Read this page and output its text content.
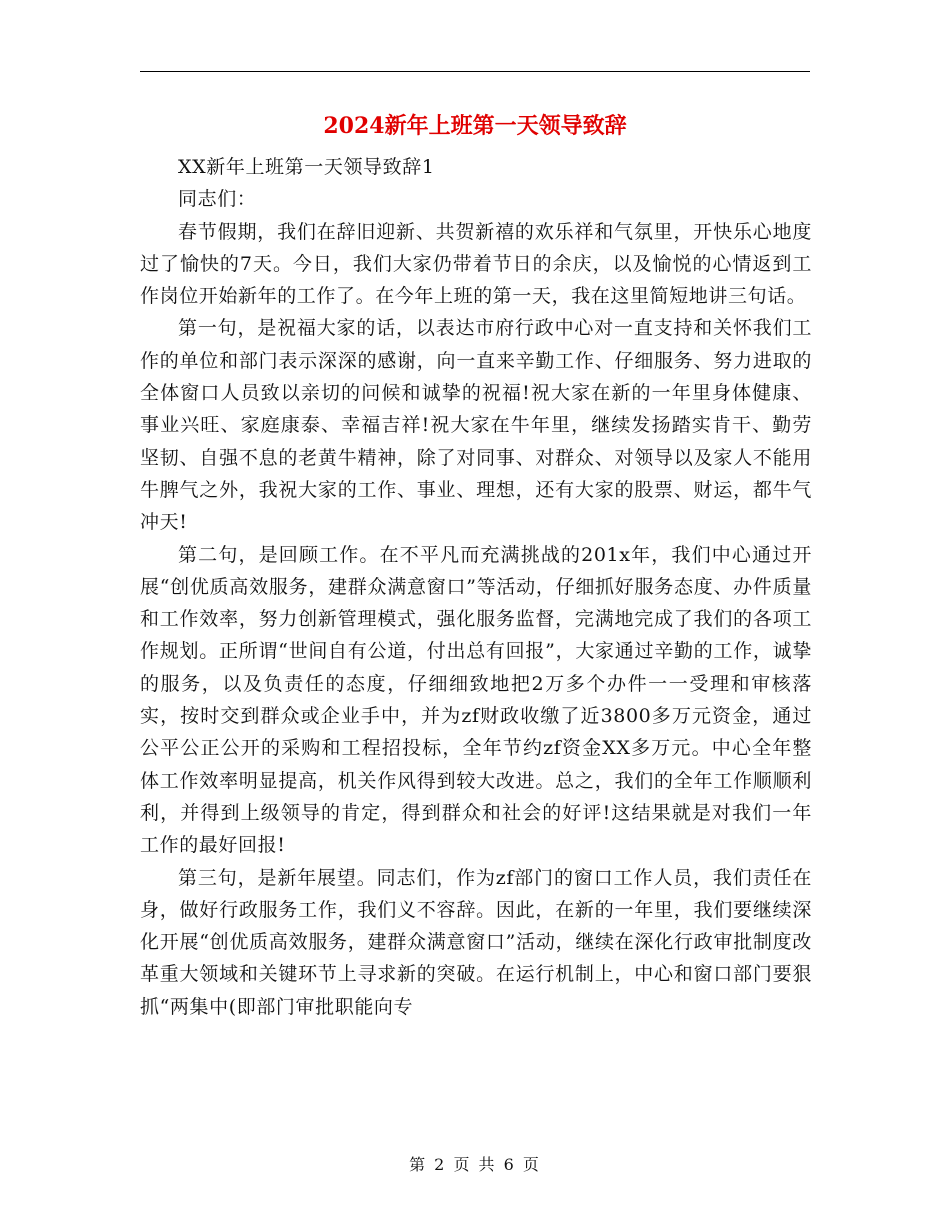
2024新年上班第一天领导致辞

XX新年上班第一天领导致辞1

同志们：

春节假期，我们在辞旧迎新、共贺新禧的欢乐祥和气氛里，开快乐心地度过了愉快的7天。今日，我们大家仍带着节日的余庆，以及愉悦的心情返到工作岗位开始新年的工作了。在今年上班的第一天，我在这里简短地讲三句话。

第一句，是祝福大家的话，以表达市府行政中心对一直支持和关怀我们工作的单位和部门表示深深的感谢，向一直来辛勤工作、仔细服务、努力进取的全体窗口人员致以亲切的问候和诚挚的祝福!祝大家在新的一年里身体健康、事业兴旺、家庭康泰、幸福吉祥!祝大家在牛年里，继续发扬踏实肯干、勤劳坚韧、自强不息的老黄牛精神，除了对同事、对群众、对领导以及家人不能用牛脾气之外，我祝大家的工作、事业、理想，还有大家的股票、财运，都牛气冲天!

第二句，是回顾工作。在不平凡而充满挑战的201x年，我们中心通过开展“创优质高效服务，建群众满意窗口”等活动，仔细抓好服务态度、办件质量和工作效率，努力创新管理模式，强化服务监督，完满地完成了我们的各项工作规划。正所谓“世间自有公道，付出总有回报”，大家通过辛勤的工作，诚挚的服务，以及负责任的态度，仔细细致地把2万多个办件一一受理和审核落实，按时交到群众或企业手中，并为zf财政收缴了近3800多万元资金，通过公平公正公开的采购和工程招投标，全年节约zf资金XX多万元。中心全年整体工作效率明显提高，机关作风得到较大改进。总之，我们的全年工作顺顺利利，并得到上级领导的肯定，得到群众和社会的好评!这结果就是对我们一年工作的最好回报!

第三句，是新年展望。同志们，作为zf部门的窗口工作人员，我们责任在身，做好行政服务工作，我们义不容辞。因此，在新的一年里，我们要继续深化开展“创优质高效服务，建群众满意窗口”活动，继续在深化行政审批制度改革重大领域和关键环节上寻求新的突破。在运行机制上，中心和窗口部门要狠抓“两集中(即部门审批职能向专

第 2 页 共 6 页
